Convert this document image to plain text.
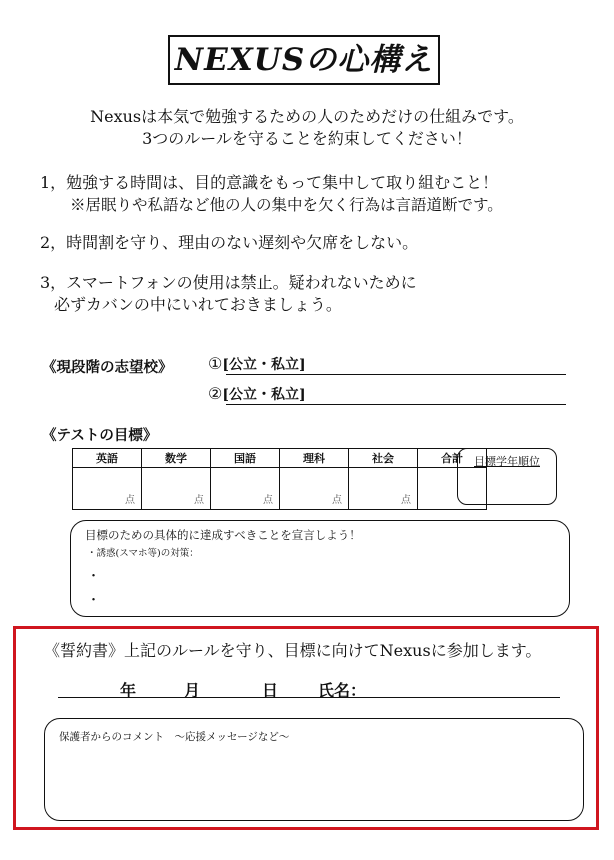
NEXUSの心構え
Nexusは本気で勉強するための人のためだけの仕組みです。
3つのルールを守ることを約束してください！
1，勉強する時間は、目的意識をもって集中して取り組むこと！
※居眠りや私語など他の人の集中を欠く行為は言語道断です。
2，時間割を守り、理由のない遅刻や欠席をしない。
3，スマートフォンの使用は禁止。疑われないために
必ずカバンの中にいれておきましょう。
《現段階の志望校》 ①[公立・私立]
②[公立・私立]
《テストの目標》
英語	数学	国語	理科	社会	合計
点	点	点	点	点	
目標学年順位
目標のための具体的に達成すべきことを宣言しよう！
・誘惑(スマホ等)の対策：
・
・
《誓約書》上記のルールを守り、目標に向けてNexusに参加します。
年	月	日 氏名：
保護者からのコメント　～応援メッセージなど～
